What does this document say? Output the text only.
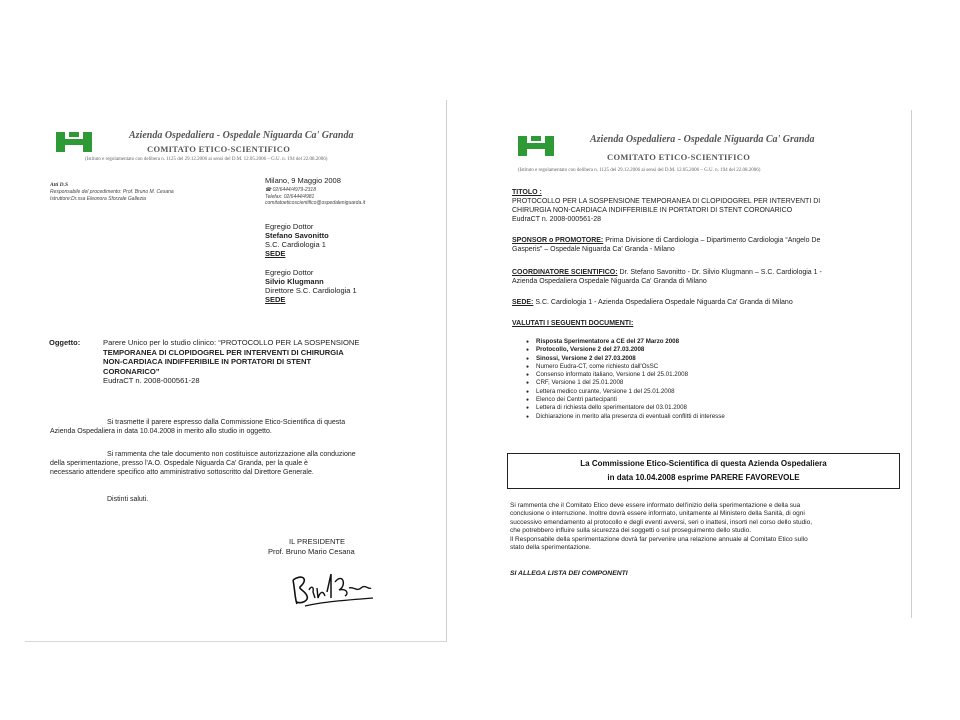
Azienda Ospedaliera - Ospedale Niguarda Ca' Granda
COMITATO ETICO-SCIENTIFICO
(Istituto e regolamentato con delibera n. 1125 del 29.12.2006 ai sensi del D.M. 12.05.2006 – G.U. n. 194 del 22.08.2006)
Atti D.S
Responsabile del procedimento: Prof. Bruno M. Cesana
Istruttore:Dr.ssa Eleonora Sforzale Gallezia
Milano, 9 Maggio 2008
☎ 02/6444/4979-2318
Telefax: 02/6444/4981
comitatoeticoscientifico@ospedaleniguarda.it
Egregio Dottor
Stefano Savonitto
S.C. Cardiologia 1
SEDE
Egregio Dottor
Silvio Klugmann
Direttore S.C. Cardiologia 1
SEDE
Oggetto:	Parere Unico per lo studio clinico: “PROTOCOLLO PER LA SOSPENSIONE
TEMPORANEA DI CLOPIDOGREL PER INTERVENTI DI CHIRURGIA
NON-CARDIACA INDIFFERIBILE IN PORTATORI DI STENT
CORONARICO”
EudraCT n. 2008-000561-28
Si trasmette il parere espresso dalla Commissione Etico-Scientifica di questa
Azienda Ospedaliera in data 10.04.2008 in merito allo studio in oggetto.
Si rammenta che tale documento non costituisce autorizzazione alla conduzione
della sperimentazione, presso l'A.O. Ospedale Niguarda Ca' Granda, per la quale è
necessario attendere specifico atto amministrativo sottoscritto dal Direttore Generale.
Distinti saluti.
IL PRESIDENTE
Prof. Bruno Mario Cesana
Azienda Ospedaliera - Ospedale Niguarda Ca' Granda
COMITATO ETICO-SCIENTIFICO
(Istituto e regolamentato con delibera n. 1125 del 29.12.2006 ai sensi del D.M. 12.05.2006 – G.U. n. 194 del 22.08.2006)
TITOLO :
PROTOCOLLO PER LA SOSPENSIONE TEMPORANEA DI CLOPIDOGREL PER INTERVENTI DI
CHIRURGIA NON-CARDIACA INDIFFERIBILE IN PORTATORI DI STENT CORONARICO
EudraCT n. 2008-000561-28
SPONSOR o PROMOTORE: Prima Divisione di Cardiologia – Dipartimento Cardiologia “Angelo De
Gasperis” – Ospedale Niguarda Ca' Granda - Milano
COORDINATORE SCIENTIFICO: Dr. Stefano Savonitto - Dr. Silvio Klugmann – S.C. Cardiologia 1 -
Azienda Ospedaliera Ospedale Niguarda Ca' Granda di Milano
SEDE: S.C. Cardiologia 1 - Azienda Ospedaliera Ospedale Niguarda Ca' Granda di Milano
VALUTATI I SEGUENTI DOCUMENTI:
● Risposta Sperimentatore a CE del 27 Marzo 2008
● Protocollo, Versione 2 del 27.03.2008
● Sinossi, Versione 2 del 27.03.2008
● Numero Eudra-CT, come richiesto dall'OsSC
● Consenso informato italiano, Versione 1 del 25.01.2008
● CRF, Versione 1 del 25.01.2008
● Lettera medico curante, Versione 1 del 25.01.2008
● Elenco dei Centri partecipanti
● Lettera di richiesta dello sperimentatore del 03.01.2008
● Dichiarazione in merito alla presenza di eventuali conflitti di interesse
La Commissione Etico-Scientifica di questa Azienda Ospedaliera
in data 10.04.2008 esprime PARERE FAVOREVOLE
Si rammenta che il Comitato Etico deve essere informato dell'inizio della sperimentazione e della sua
conclusione o interruzione. Inoltre dovrà essere informato, unitamente al Ministero della Sanità, di ogni
successivo emendamento al protocollo e degli eventi avversi, seri o inattesi, insorti nel corso dello studio,
che potrebbero influire sulla sicurezza dei soggetti o sul proseguimento dello studio.
Il Responsabile della sperimentazione dovrà far pervenire una relazione annuale al Comitato Etico sullo
stato della sperimentazione.
SI ALLEGA LISTA DEI COMPONENTI
